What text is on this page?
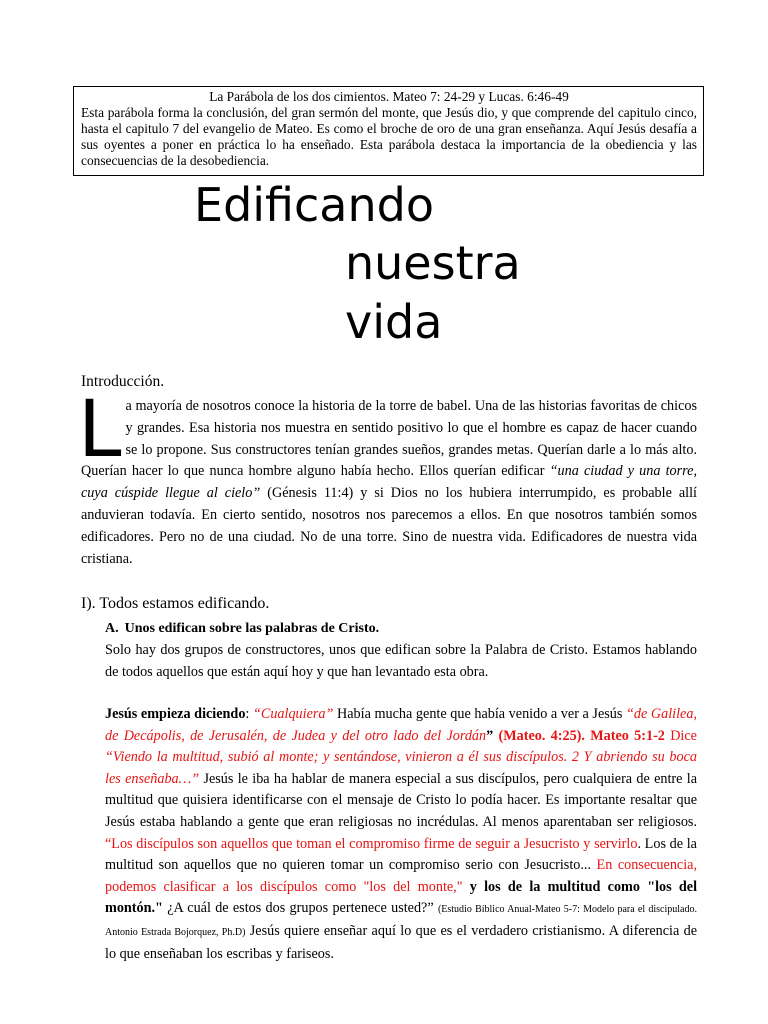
La Parábola de los dos cimientos. Mateo 7: 24-29 y Lucas. 6:46-49
Esta parábola forma la conclusión, del gran sermón del monte, que Jesús dio, y que comprende del capitulo cinco, hasta el capitulo 7 del evangelio de Mateo. Es como el broche de oro de una gran enseñanza. Aquí Jesús desafía a sus oyentes a poner en práctica lo ha enseñado. Esta parábola destaca la importancia de la obediencia y las consecuencias de la desobediencia.
Edificando
nuestra
vida
Introducción.
La mayoría de nosotros conoce la historia de la torre de babel. Una de las historias favoritas de chicos y grandes. Esa historia nos muestra en sentido positivo lo que el hombre es capaz de hacer cuando se lo propone. Sus constructores tenían grandes sueños, grandes metas. Querían darle a lo más alto. Querían hacer lo que nunca hombre alguno había hecho. Ellos querían edificar “una ciudad y una torre, cuya cúspide llegue al cielo” (Génesis 11:4) y si Dios no los hubiera interrumpido, es probable allí anduvieran todavía. En cierto sentido, nosotros nos parecemos a ellos. En que nosotros también somos edificadores. Pero no de una ciudad. No de una torre. Sino de nuestra vida. Edificadores de nuestra vida cristiana.
I). Todos estamos edificando.
A. Unos edifican sobre las palabras de Cristo.
Solo hay dos grupos de constructores, unos que edifican sobre la Palabra de Cristo. Estamos hablando de todos aquellos que están aquí hoy y que han levantado esta obra.
Jesús empieza diciendo: “Cualquiera” Había mucha gente que había venido a ver a Jesús “de Galilea, de Decápolis, de Jerusalén, de Judea y del otro lado del Jordán” (Mateo. 4:25). Mateo 5:1-2 Dice “Viendo la multitud, subió al monte; y sentándose, vinieron a él sus discípulos. 2 Y abriendo su boca les enseñaba…” Jesús le iba ha hablar de manera especial a sus discípulos, pero cualquiera de entre la multitud que quisiera identificarse con el mensaje de Cristo lo podía hacer. Es importante resaltar que Jesús estaba hablando a gente que eran religiosas no incrédulas. Al menos aparentaban ser religiosos. “Los discípulos son aquellos que toman el compromiso firme de seguir a Jesucristo y servirlo. Los de la multitud son aquellos que no quieren tomar un compromiso serio con Jesucristo... En consecuencia, podemos clasificar a los discípulos como "los del monte," y los de la multitud como "los del montón." ¿A cuál de estos dos grupos pertenece usted?” (Estudio Bíblico Anual-Mateo 5-7: Modelo para el discipulado. Antonio Estrada Bojorquez, Ph.D) Jesús quiere enseñar aquí lo que es el verdadero cristianismo. A diferencia de lo que enseñaban los escribas y fariseos.
